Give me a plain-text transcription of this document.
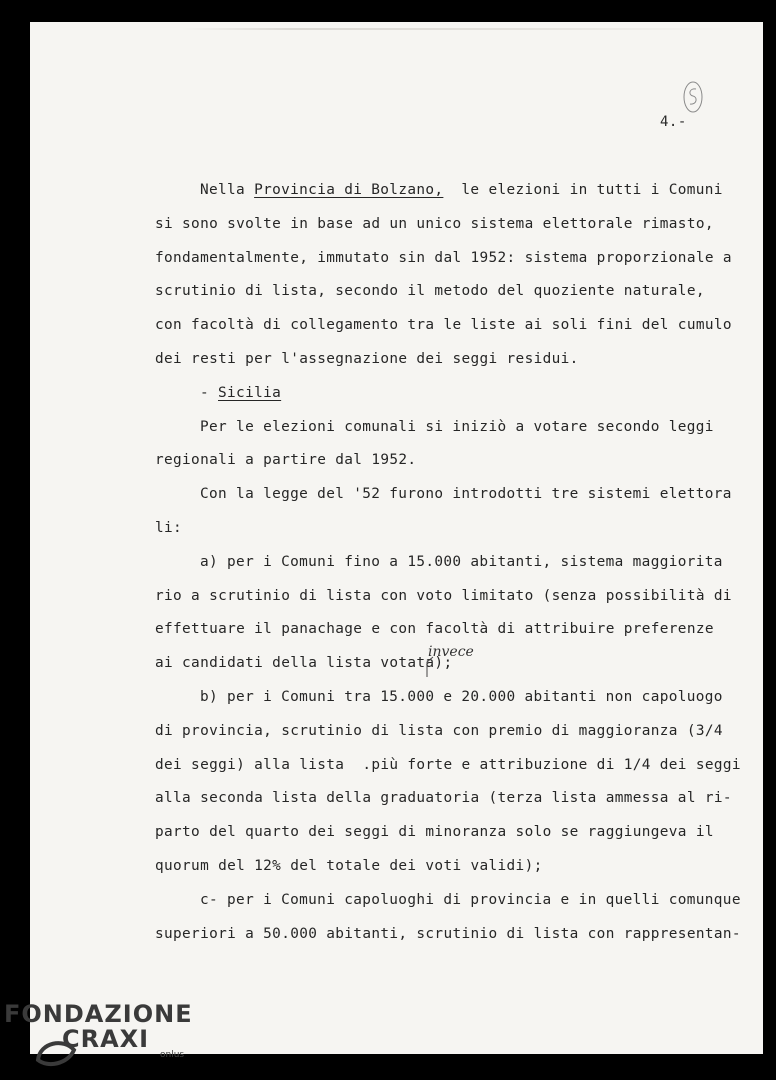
4.-
Nella Provincia di Bolzano,  le elezioni in tutti i Comuni
si sono svolte in base ad un unico sistema elettorale rimasto,
fondamentalmente, immutato sin dal 1952: sistema proporzionale a
scrutinio di lista, secondo il metodo del quoziente naturale,
con facoltà di collegamento tra le liste ai soli fini del cumulo
dei resti per l'assegnazione dei seggi residui.
- Sicilia
Per le elezioni comunali si iniziò a votare secondo leggi
regionali a partire dal 1952.
Con la legge del '52 furono introdotti tre sistemi elettora
li:
a) per i Comuni fino a 15.000 abitanti, sistema maggiorita
rio a scrutinio di lista con voto limitato (senza possibilità di
effettuare il panachage e con facoltà di attribuire preferenze
ai candidati della lista votata);
b) per i Comuni tra 15.000 e 20.000 abitanti non capoluogo
di provincia, scrutinio di lista con premio di maggioranza (3/4
dei seggi) alla lista  .più forte e attribuzione di 1/4 dei seggi
alla seconda lista della graduatoria (terza lista ammessa al ri-
parto del quarto dei seggi di minoranza solo se raggiungeva il
quorum del 12% del totale dei voti validi);
c- per i Comuni capoluoghi di provincia e in quelli comunque
superiori a 50.000 abitanti, scrutinio di lista con rappresentan-
invece
FONDAZIONE
CRAXI
onlus
